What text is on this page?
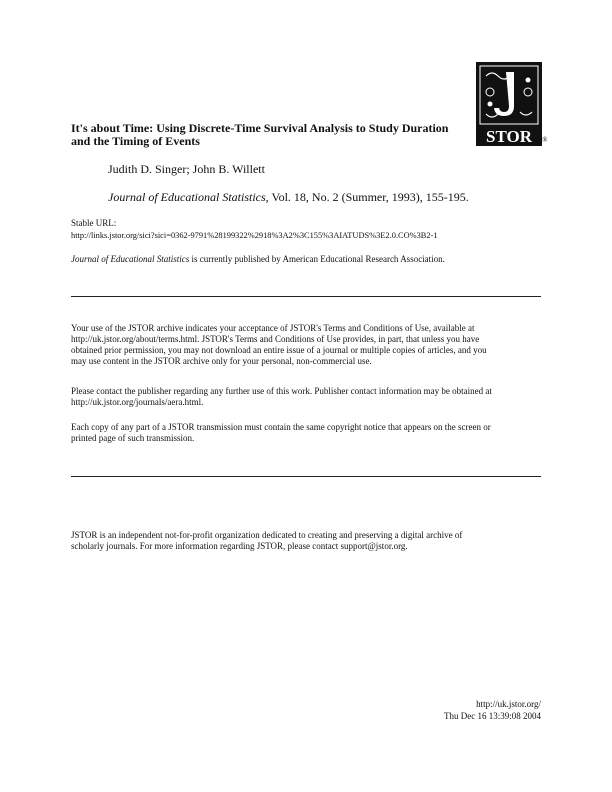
STOR ®
It's about Time: Using Discrete-Time Survival Analysis to Study Duration
and the Timing of Events
Judith D. Singer; John B. Willett
Journal of Educational Statistics, Vol. 18, No. 2 (Summer, 1993), 155-195.
Stable URL:
http://links.jstor.org/sici?sici=0362-9791%28199322%2918%3A2%3C155%3AIATUDS%3E2.0.CO%3B2-1
Journal of Educational Statistics is currently published by American Educational Research Association.
Your use of the JSTOR archive indicates your acceptance of JSTOR's Terms and Conditions of Use, available at
http://uk.jstor.org/about/terms.html. JSTOR's Terms and Conditions of Use provides, in part, that unless you have
obtained prior permission, you may not download an entire issue of a journal or multiple copies of articles, and you
may use content in the JSTOR archive only for your personal, non-commercial use.
Please contact the publisher regarding any further use of this work. Publisher contact information may be obtained at
http://uk.jstor.org/journals/aera.html.
Each copy of any part of a JSTOR transmission must contain the same copyright notice that appears on the screen or
printed page of such transmission.
JSTOR is an independent not-for-profit organization dedicated to creating and preserving a digital archive of
scholarly journals. For more information regarding JSTOR, please contact support@jstor.org.
http://uk.jstor.org/
Thu Dec 16 13:39:08 2004
